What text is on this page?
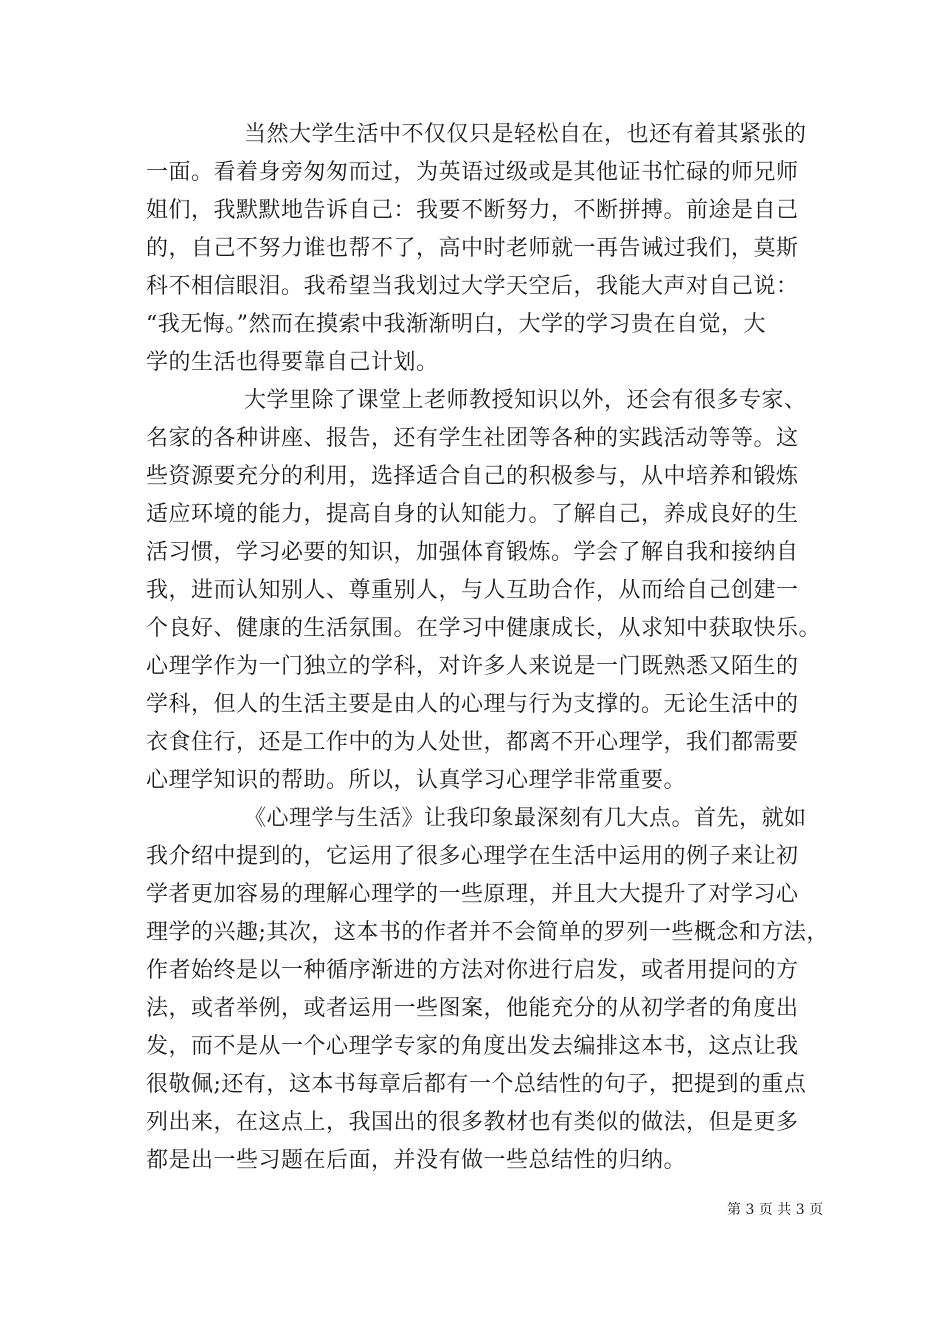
当然大学生活中不仅仅只是轻松自在，也还有着其紧张的
一面。看着身旁匆匆而过，为英语过级或是其他证书忙碌的师兄师
姐们，我默默地告诉自己：我要不断努力，不断拼搏。前途是自己
的，自己不努力谁也帮不了，高中时老师就一再告诫过我们，莫斯
科不相信眼泪。我希望当我划过大学天空后，我能大声对自己说：
“我无悔。”然而在摸索中我渐渐明白，大学的学习贵在自觉，大
学的生活也得要靠自己计划。
大学里除了课堂上老师教授知识以外，还会有很多专家、
名家的各种讲座、报告，还有学生社团等各种的实践活动等等。这
些资源要充分的利用，选择适合自己的积极参与，从中培养和锻炼
适应环境的能力，提高自身的认知能力。了解自己，养成良好的生
活习惯，学习必要的知识，加强体育锻炼。学会了解自我和接纳自
我，进而认知别人、尊重别人，与人互助合作，从而给自己创建一
个良好、健康的生活氛围。在学习中健康成长，从求知中获取快乐。
心理学作为一门独立的学科，对许多人来说是一门既熟悉又陌生的
学科，但人的生活主要是由人的心理与行为支撑的。无论生活中的
衣食住行，还是工作中的为人处世，都离不开心理学，我们都需要
心理学知识的帮助。所以，认真学习心理学非常重要。
《心理学与生活》让我印象最深刻有几大点。首先，就如
我介绍中提到的，它运用了很多心理学在生活中运用的例子来让初
学者更加容易的理解心理学的一些原理，并且大大提升了对学习心
理学的兴趣;其次，这本书的作者并不会简单的罗列一些概念和方法，
作者始终是以一种循序渐进的方法对你进行启发，或者用提问的方
法，或者举例，或者运用一些图案，他能充分的从初学者的角度出
发，而不是从一个心理学专家的角度出发去编排这本书，这点让我
很敬佩;还有，这本书每章后都有一个总结性的句子，把提到的重点
列出来，在这点上，我国出的很多教材也有类似的做法，但是更多
都是出一些习题在后面，并没有做一些总结性的归纳。
第 3 页 共 3 页
